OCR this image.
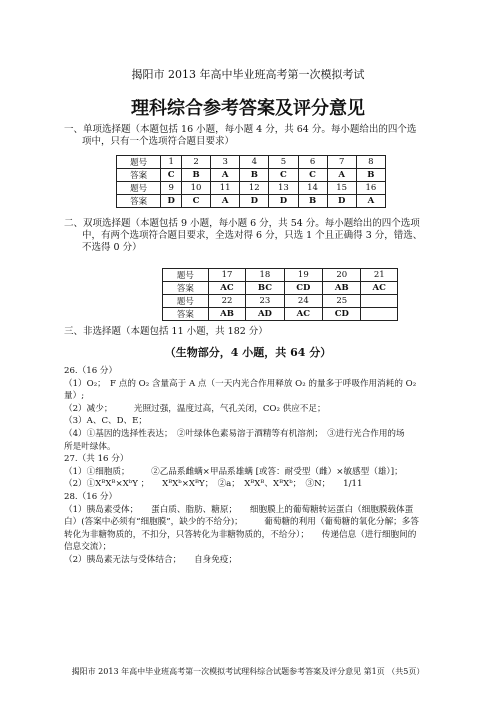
揭阳市 2013 年高中毕业班高考第一次模拟考试
理科综合参考答案及评分意见
一、单项选择题（本题包括 16 小题，每小题 4 分，共 64 分。每小题给出的四个选
项中，只有一个选项符合题目要求）
题号	1	2	3	4	5	6	7	8
答案	C	B	A	B	C	C	A	B
题号	9	10	11	12	13	14	15	16
答案	D	C	A	D	D	B	D	A
二、双项选择题（本题包括 9 小题，每小题 6 分，共 54 分。每小题给出的四个选项
中，有两个选项符合题目要求，全选对得 6 分，只选 1 个且正确得 3 分，错选、
不选得 0 分）
题号	17	18	19	20	21
答案	AC	BC	CD	AB	AC
题号	22	23	24	25	
答案	AB	AD	AC	CD	
三、非选择题（本题包括 11 小题，共 182 分）
（生物部分，4 小题，共 64 分）
26.（16 分）
（1）O₂；　F 点的 O₂ 含量高于 A 点（一天内光合作用释放 O₂ 的量多于呼吸作用消耗的 O₂
量）;
（2）减少；　　　光照过强，温度过高，气孔关闭，CO₂ 供应不足；
（3）A、C、D、E；
（4）①基因的选择性表达；　②叶绿体色素易溶于酒精等有机溶剂；　③进行光合作用的场
所是叶绿体。
27.（共 16 分）
（1）①细胞质；　　　②乙品系雌螨×甲品系雄螨 [或答：耐受型（雌）×敏感型（雄）]；
（2）①XᴮXᴮ×XᵇY ；　　XᴮXᵇ×XᴮY；　②a；　XᴮXᴮ、XᴮXᵇ；　③N；　　1/11
28.（16 分）
（1）胰岛素受体；　　蛋白质、脂肪、糖原；　　细胞膜上的葡萄糖转运蛋白（细胞膜载体蛋
白）(答案中必须有“细胞膜”，缺少的不给分)；　　　葡萄糖的利用（葡萄糖的氧化分解；多答
转化为非糖物质的，不扣分，只答转化为非糖物质的，不给分）；　　传递信息（进行细胞间的
信息交流）；
（2）胰岛素无法与受体结合；　　自身免疫；
揭阳市 2013 年高中毕业班高考第一次模拟考试理科综合试题参考答案及评分意见 第1页 （共5页）
